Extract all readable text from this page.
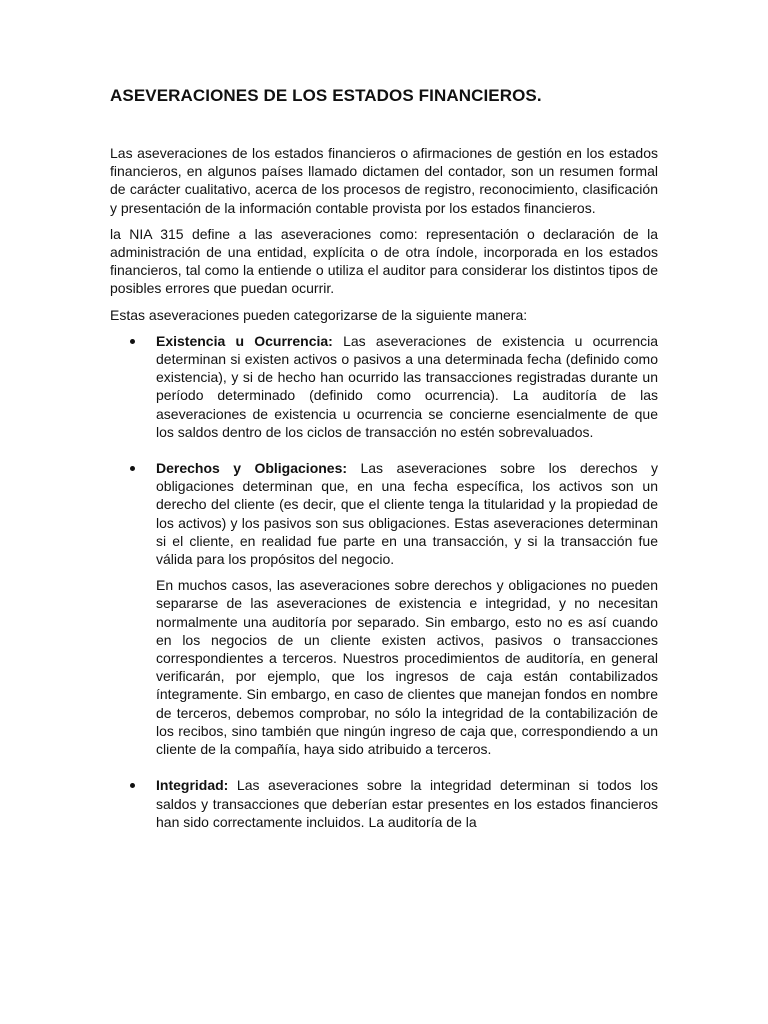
ASEVERACIONES DE LOS ESTADOS FINANCIEROS.

Las aseveraciones de los estados financieros o afirmaciones de gestión en los estados financieros, en algunos países llamado dictamen del contador, son un resumen formal de carácter cualitativo, acerca de los procesos de registro, reconocimiento, clasificación y presentación de la información contable provista por los estados financieros.

la NIA 315 define a las aseveraciones como: representación o declaración de la administración de una entidad, explícita o de otra índole, incorporada en los estados financieros, tal como la entiende o utiliza el auditor para considerar los distintos tipos de posibles errores que puedan ocurrir.

Estas aseveraciones pueden categorizarse de la siguiente manera:

Existencia u Ocurrencia: Las aseveraciones de existencia u ocurrencia determinan si existen activos o pasivos a una determinada fecha (definido como existencia), y si de hecho han ocurrido las transacciones registradas durante un período determinado (definido como ocurrencia). La auditoría de las aseveraciones de existencia u ocurrencia se concierne esencialmente de que los saldos dentro de los ciclos de transacción no estén sobrevaluados.

Derechos y Obligaciones: Las aseveraciones sobre los derechos y obligaciones determinan que, en una fecha específica, los activos son un derecho del cliente (es decir, que el cliente tenga la titularidad y la propiedad de los activos) y los pasivos son sus obligaciones. Estas aseveraciones determinan si el cliente, en realidad fue parte en una transacción, y si la transacción fue válida para los propósitos del negocio.

En muchos casos, las aseveraciones sobre derechos y obligaciones no pueden separarse de las aseveraciones de existencia e integridad, y no necesitan normalmente una auditoría por separado. Sin embargo, esto no es así cuando en los negocios de un cliente existen activos, pasivos o transacciones correspondientes a terceros. Nuestros procedimientos de auditoría, en general verificarán, por ejemplo, que los ingresos de caja están contabilizados íntegramente. Sin embargo, en caso de clientes que manejan fondos en nombre de terceros, debemos comprobar, no sólo la integridad de la contabilización de los recibos, sino también que ningún ingreso de caja que, correspondiendo a un cliente de la compañía, haya sido atribuido a terceros.

Integridad: Las aseveraciones sobre la integridad determinan si todos los saldos y transacciones que deberían estar presentes en los estados financieros han sido correctamente incluidos. La auditoría de la
